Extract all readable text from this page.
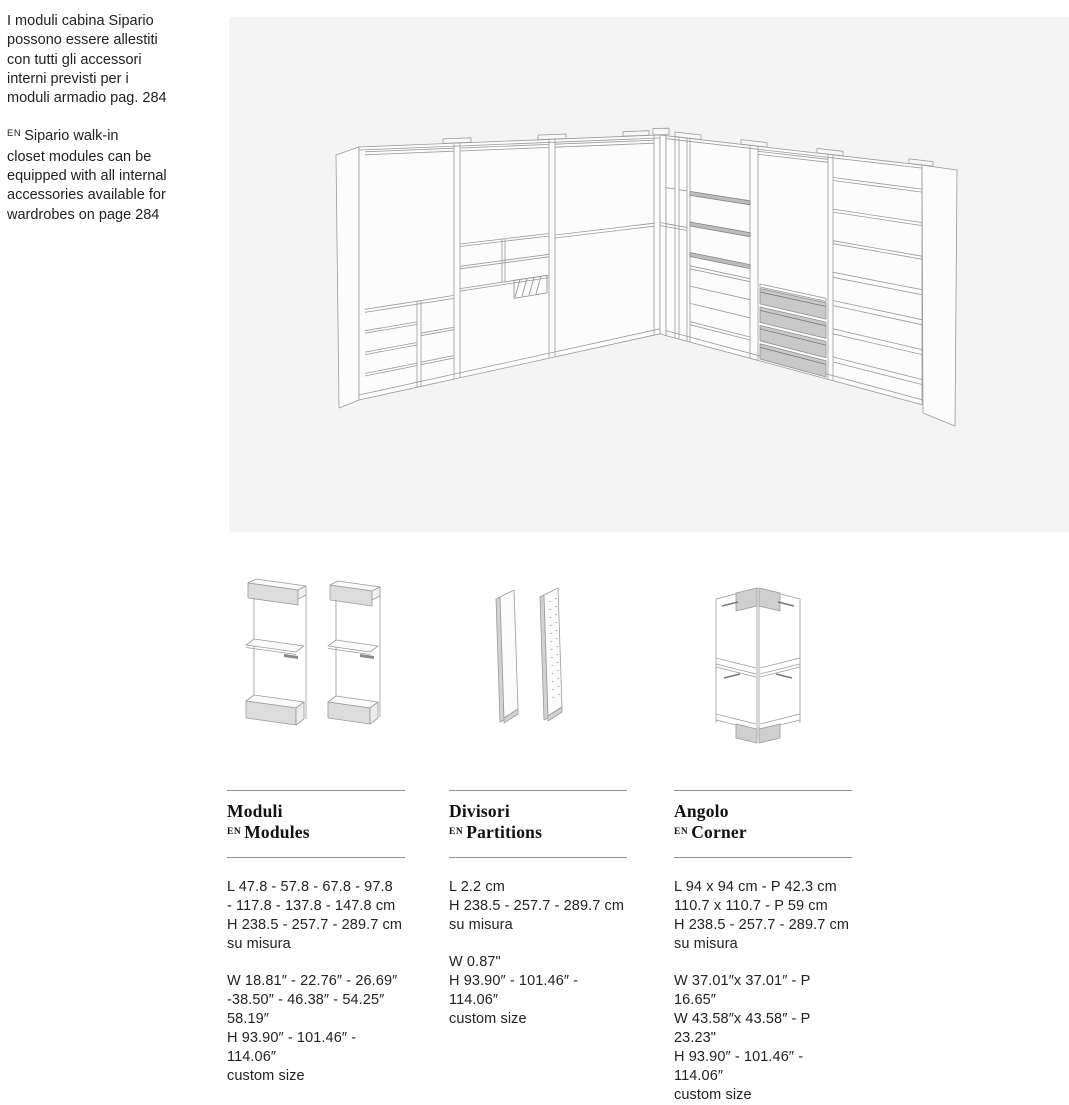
I moduli cabina Sipario
possono essere allestiti
con tutti gli accessori
interni previsti per i
moduli armadio pag. 284
$^{EN}$ Sipario walk-in
closet modules can be
equipped with all internal
accessories available for
wardrobes on page 284
Moduli
$^{EN}$ Modules
L 47.8 - 57.8 - 67.8 - 97.8
- 117.8 - 137.8 - 147.8 cm
H 238.5 - 257.7 - 289.7 cm
su misura
W 18.81″ - 22.76″ - 26.69″
-38.50″ - 46.38″ - 54.25″
58.19″
H 93.90″ - 101.46″ - 114.06″
custom size
Divisori
$^{EN}$ Partitions
L 2.2 cm
H 238.5 - 257.7 - 289.7 cm
su misura
W 0.87"
H 93.90″ - 101.46″ - 114.06″
custom size
Angolo
$^{EN}$ Corner
L 94 x 94 cm - P 42.3 cm
110.7 x 110.7 - P 59 cm
H 238.5 - 257.7 - 289.7 cm
su misura
W 37.01″x 37.01″ - P 16.65″
W 43.58″x 43.58″ - P 23.23"
H 93.90″ - 101.46″ - 114.06″
custom size
